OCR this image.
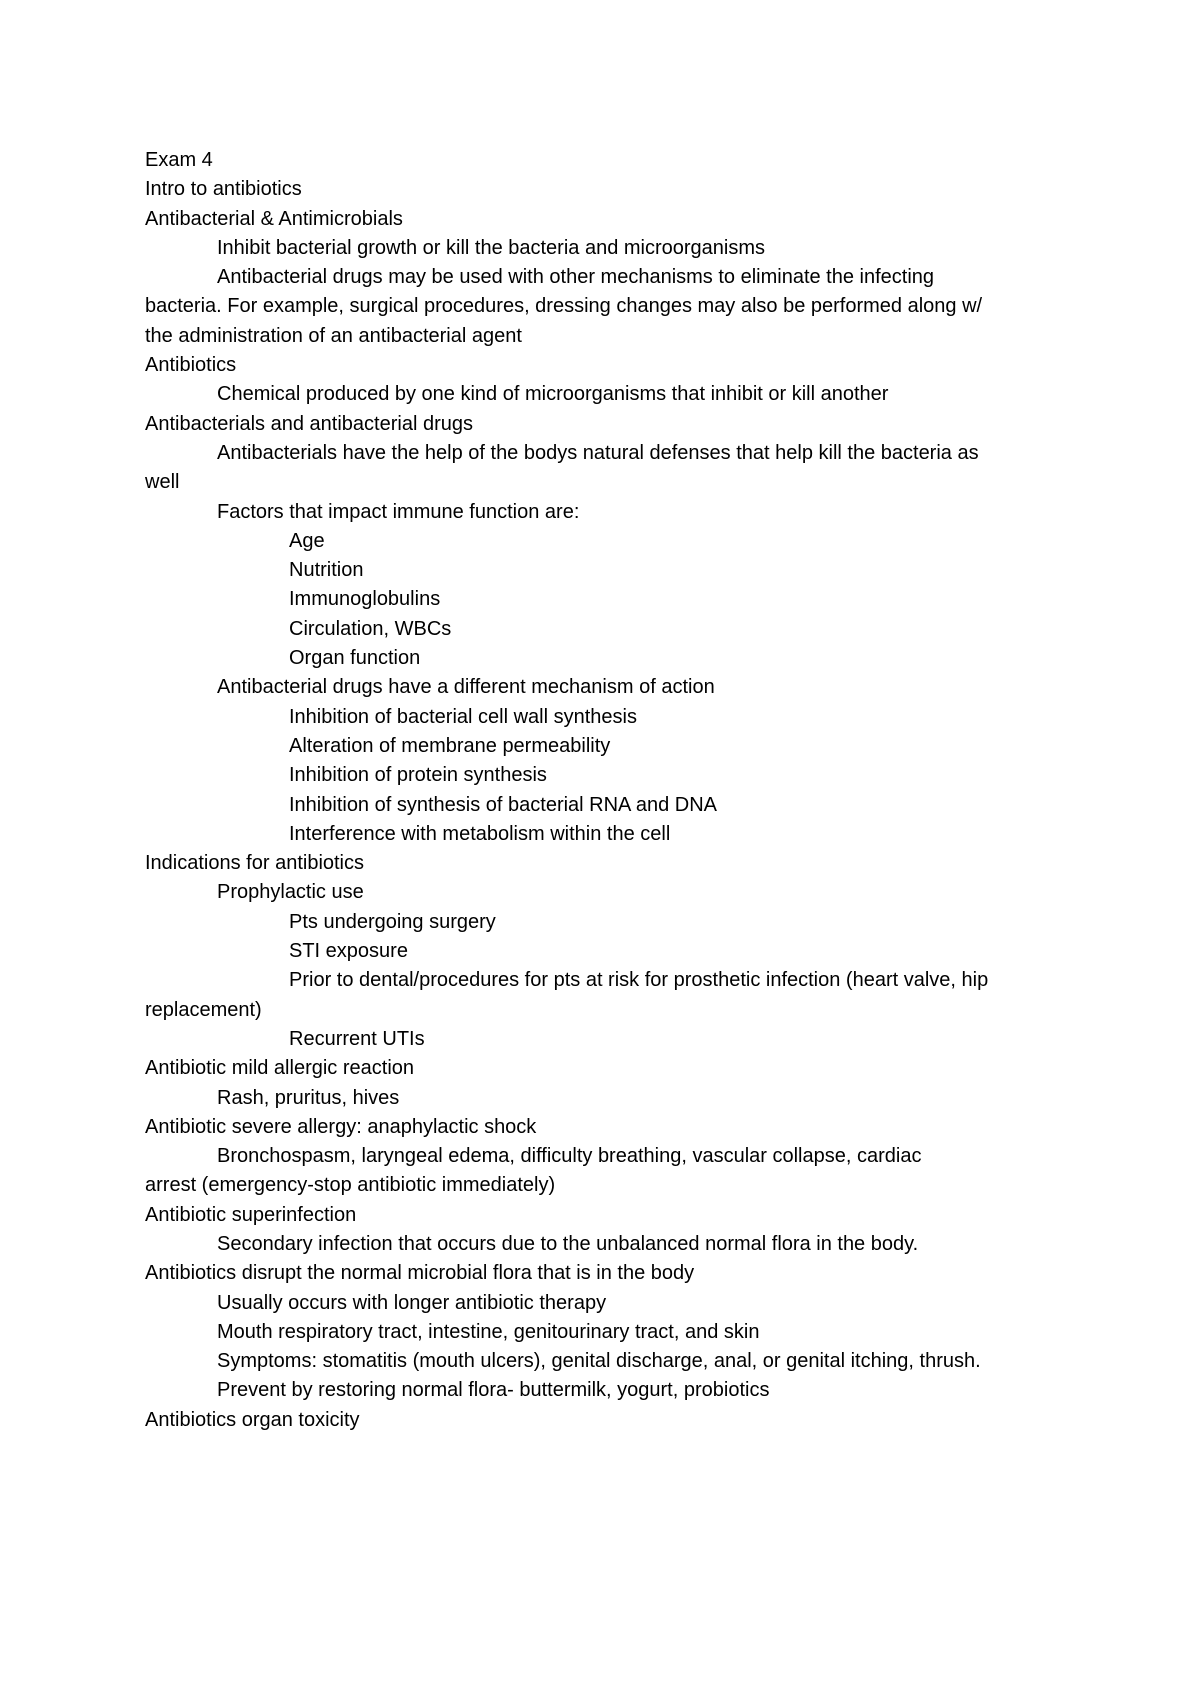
Exam 4

Intro to antibiotics

Antibacterial & Antimicrobials

Inhibit bacterial growth or kill the bacteria and microorganisms

Antibacterial drugs may be used with other mechanisms to eliminate the infecting

bacteria. For example, surgical procedures, dressing changes may also be performed along w/

the administration of an antibacterial agent

Antibiotics

Chemical produced by one kind of microorganisms that inhibit or kill another

Antibacterials and antibacterial drugs

Antibacterials have the help of the bodys natural defenses that help kill the bacteria as

well

Factors that impact immune function are:

Age

Nutrition

Immunoglobulins

Circulation, WBCs

Organ function

Antibacterial drugs have a different mechanism of action

Inhibition of bacterial cell wall synthesis

Alteration of membrane permeability

Inhibition of protein synthesis

Inhibition of synthesis of bacterial RNA and DNA

Interference with metabolism within the cell

Indications for antibiotics

Prophylactic use

Pts undergoing surgery

STI exposure

Prior to dental/procedures for pts at risk for prosthetic infection (heart valve, hip

replacement)

Recurrent UTIs

Antibiotic mild allergic reaction

Rash, pruritus, hives

Antibiotic severe allergy: anaphylactic shock

Bronchospasm, laryngeal edema, difficulty breathing, vascular collapse, cardiac

arrest (emergency-stop antibiotic immediately)

Antibiotic superinfection

Secondary infection that occurs due to the unbalanced normal flora in the body.

Antibiotics disrupt the normal microbial flora that is in the body

Usually occurs with longer antibiotic therapy

Mouth respiratory tract, intestine, genitourinary tract, and skin

Symptoms: stomatitis (mouth ulcers), genital discharge, anal, or genital itching, thrush.

Prevent by restoring normal flora- buttermilk, yogurt, probiotics

Antibiotics organ toxicity
